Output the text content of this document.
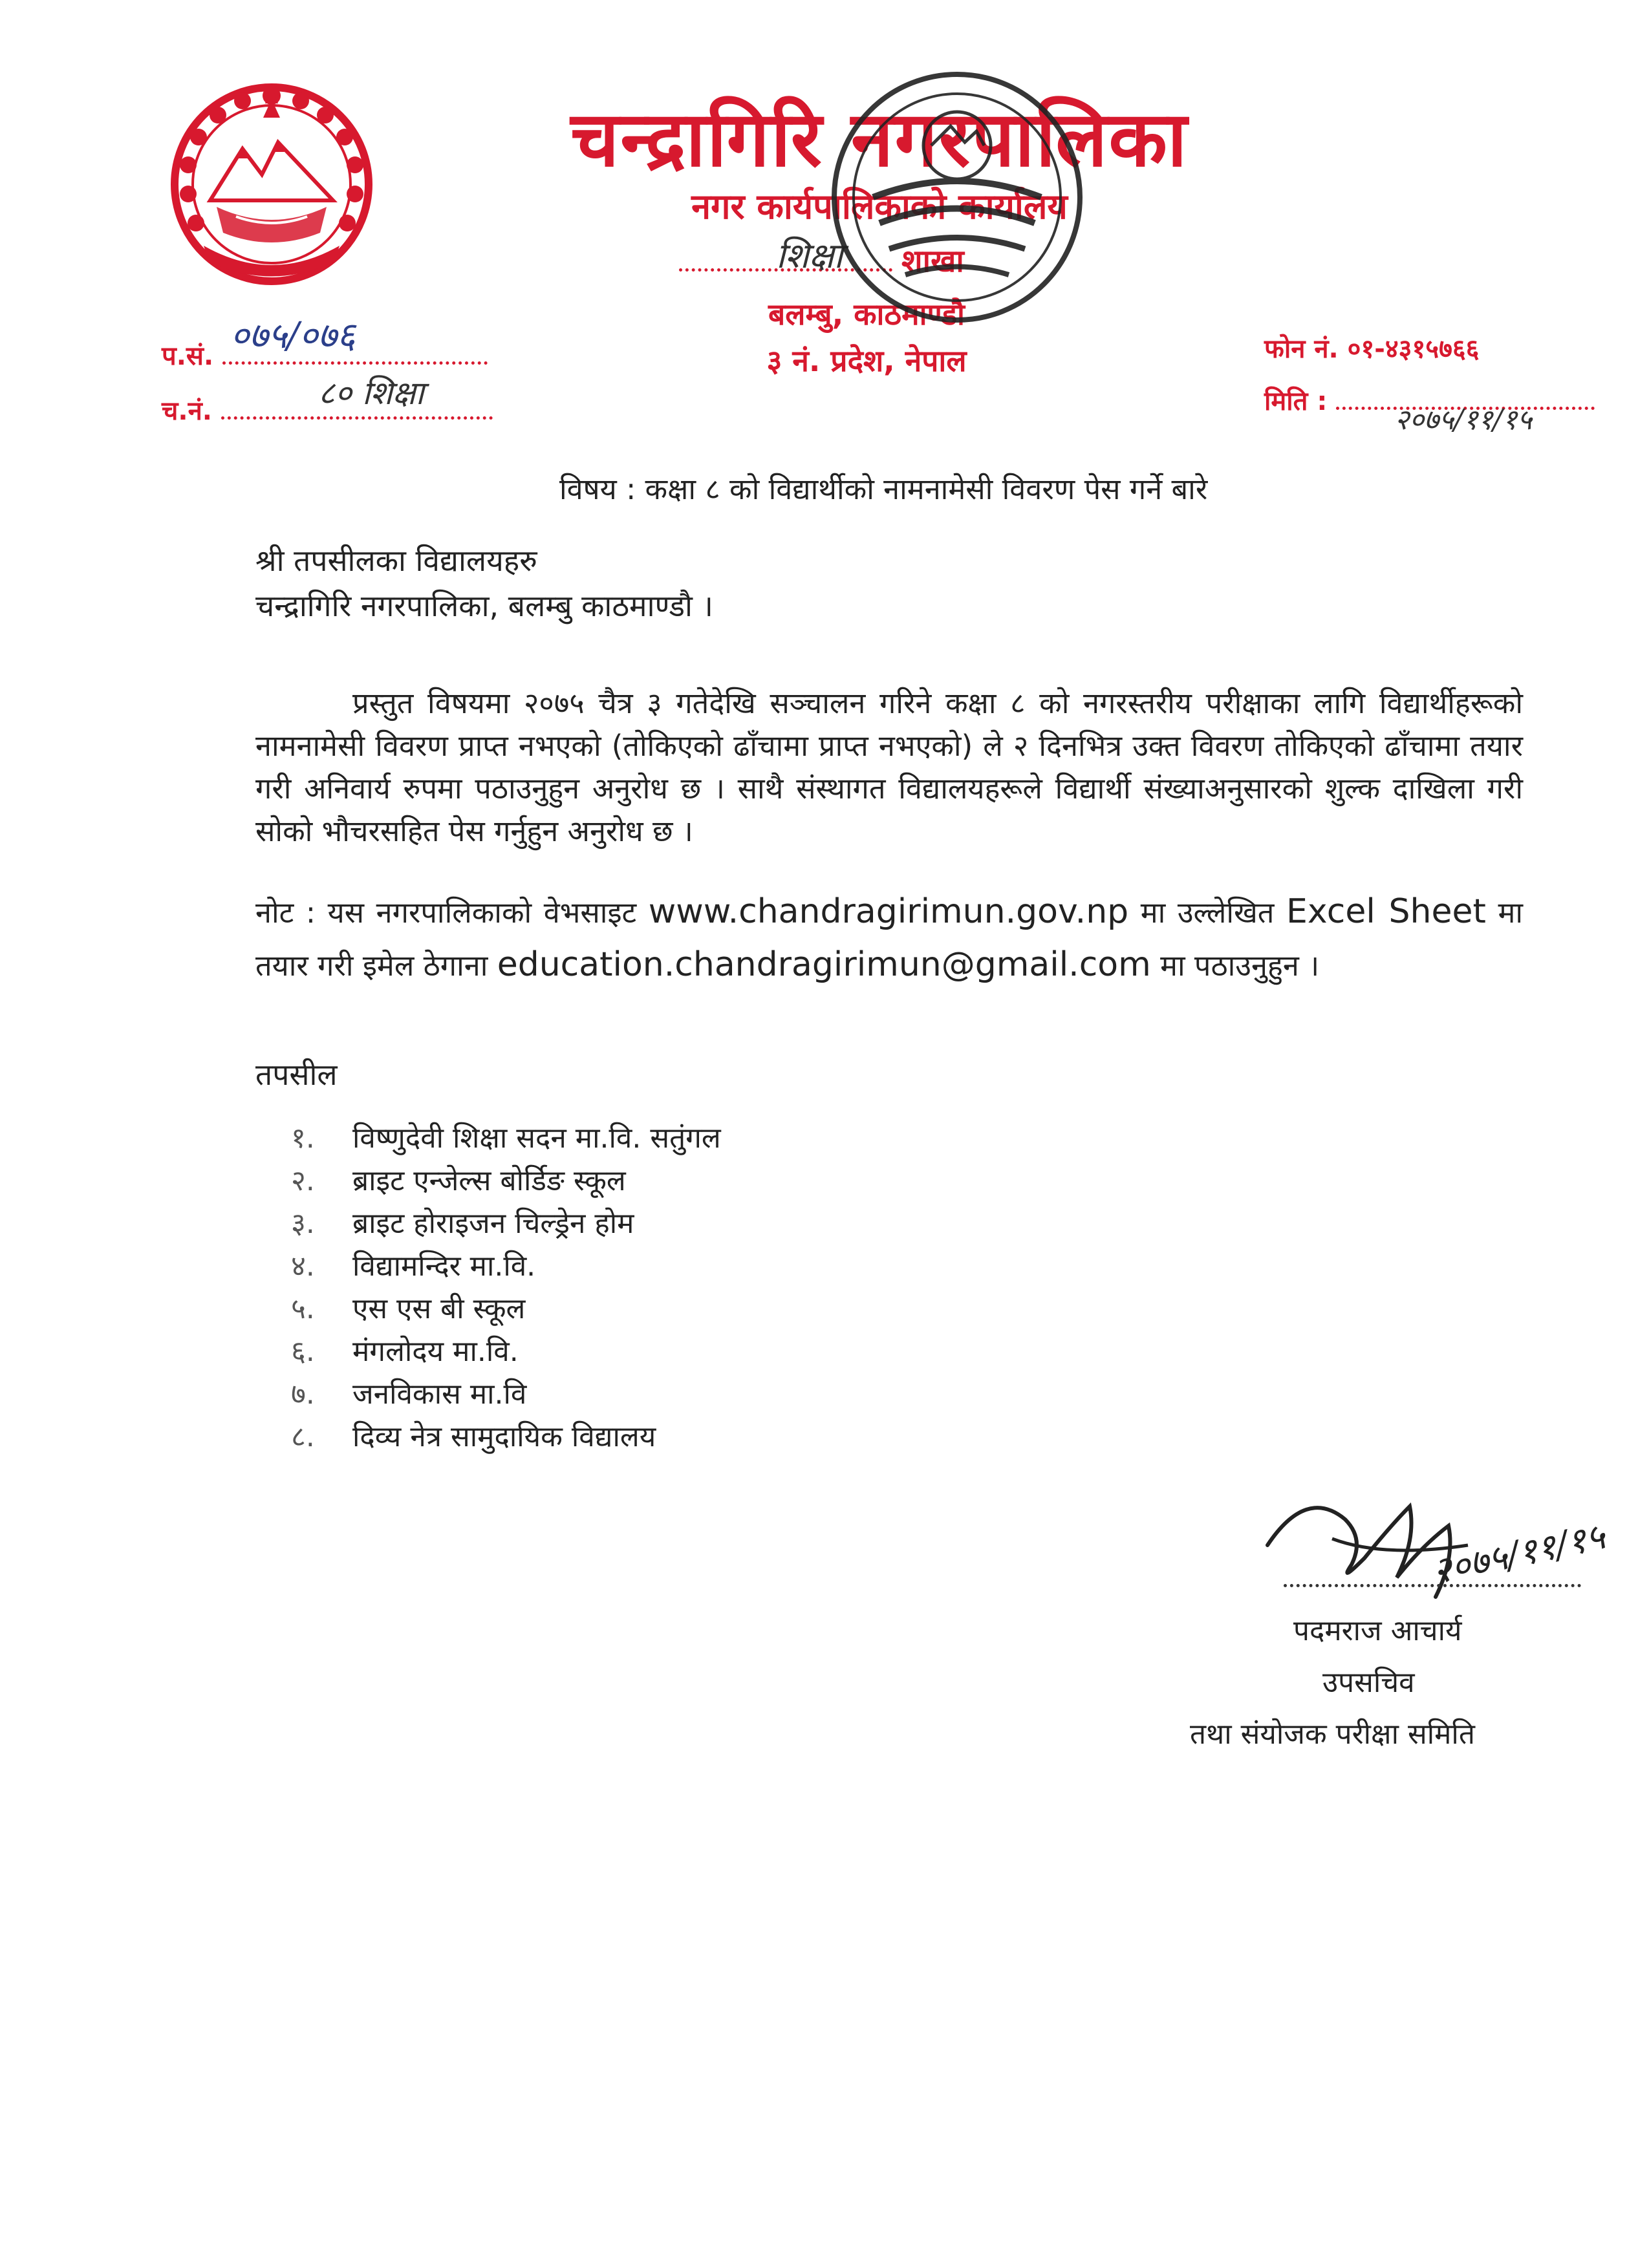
चन्द्रागिरि नगरपालिका
नगर कार्यपालिकाको कार्यालय
शाखा
शिक्षा
बलम्बु, काठमाण्डौ
३ नं. प्रदेश, नेपाल
प.सं. ०७५/०७६
च.नं.	८० शिक्षा
फोन नं. ०१-४३१५७६६
मिति :
२०७५/११/१५
विषय : कक्षा ८ को विद्यार्थीको नामनामेसी विवरण पेस गर्ने बारे
श्री तपसीलका विद्यालयहरु
चन्द्रागिरि नगरपालिका, बलम्बु काठमाण्डौ ।
प्रस्तुत विषयमा २०७५ चैत्र ३ गतेदेखि सञ्चालन गरिने कक्षा ८ को नगरस्तरीय परीक्षाका लागि विद्यार्थीहरूको नामनामेसी विवरण प्राप्त नभएको (तोकिएको ढाँचामा प्राप्त नभएको) ले २ दिनभित्र उक्त विवरण तोकिएको ढाँचामा तयार गरी अनिवार्य रुपमा पठाउनुहुन अनुरोध छ । साथै संस्थागत विद्यालयहरूले विद्यार्थी संख्याअनुसारको शुल्क दाखिला गरी सोको भौचरसहित पेस गर्नुहुन अनुरोध छ ।
नोट : यस नगरपालिकाको वेभसाइट www.chandragirimun.gov.np मा उल्लेखित Excel Sheet मा तयार गरी इमेल ठेगाना education.chandragirimun@gmail.com मा पठाउनुहुन ।
तपसील
१. विष्णुदेवी शिक्षा सदन मा.वि. सतुंगल
२. ब्राइट एन्जेल्स बोर्डिङ स्कूल
३. ब्राइट होराइजन चिल्ड्रेन होम
४. विद्यामन्दिर मा.वि.
५. एस एस बी स्कूल
६. मंगलोदय मा.वि.
७. जनविकास मा.वि
८. दिव्य नेत्र सामुदायिक विद्यालय
२०७५/११/१५
पदमराज आचार्य
उपसचिव
तथा संयोजक परीक्षा समिति
